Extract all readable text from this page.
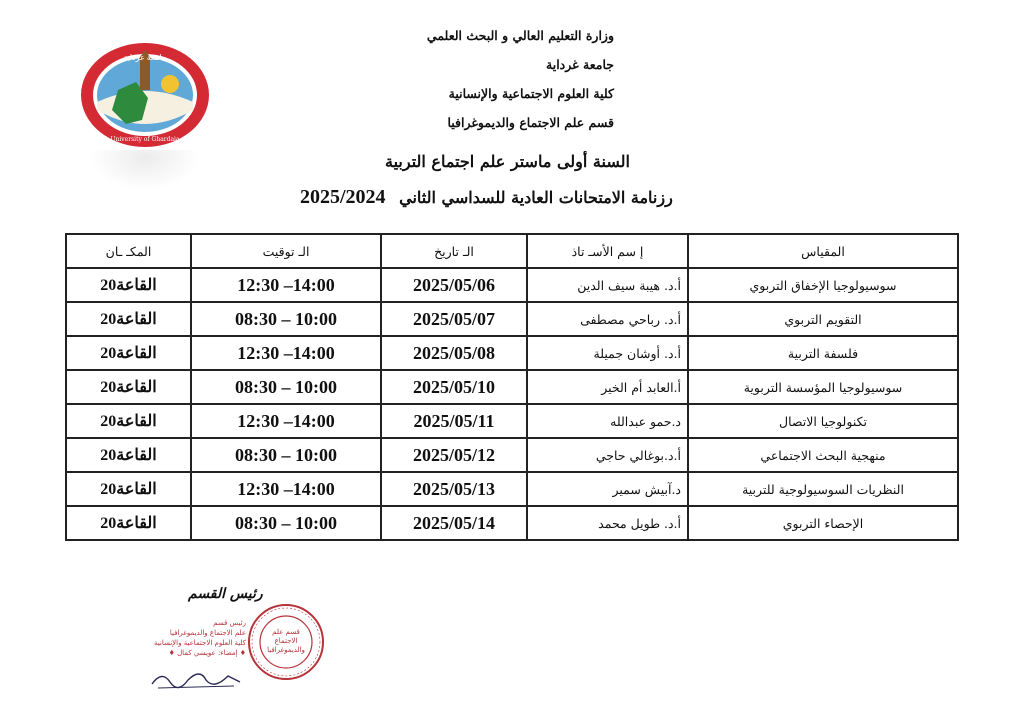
جامعة غرداية
University of Ghardaia
وزارة التعليم العالي و البحث العلمي
جامعة غرداية
كلية العلوم الاجتماعية والإنسانية
قسم علم الاجتماع والديموغرافيا
السنة أولى ماستر علم اجتماع التربية
رزنامة الامتحانات العادية للسداسي الثاني 2025/2024
المقياس	إ سم الأسـ تاذ	الـ تاريخ	الـ توقيت	المكـ ـان
سوسيولوجيا الإخفاق التربوي	أ.د. هيبة سيف الدين	2025/05/06	12:30 –14:00	القاعة20
التقويم التربوي	أ.د. رباحي مصطفى	2025/05/07	08:30 – 10:00	القاعة20
فلسفة التربية	أ.د. أوشان جميلة	2025/05/08	12:30 –14:00	القاعة20
سوسيولوجيا المؤسسة التربوية	أ.العابد أم الخير	2025/05/10	08:30 – 10:00	القاعة20
تكنولوجيا الاتصال	د.حمو عبدالله	2025/05/11	12:30 –14:00	القاعة20
منهجية البحث الاجتماعي	أ.د.بوغالي حاجي	2025/05/12	08:30 – 10:00	القاعة20
النظريات السوسيولوجية للتربية	د.آبيش سمير	2025/05/13	12:30 –14:00	القاعة20
الإحصاء التربوي	أ.د. طويل محمد	2025/05/14	08:30 – 10:00	القاعة20
رئيس القسم
رئيس قسم
علم الاجتماع والديموغرافيا
كلية العلوم الاجتماعية والإنسانية
♦ إمضاء: عويسي كمال ♦
قسم علم الاجتماع والديموغرافيا
